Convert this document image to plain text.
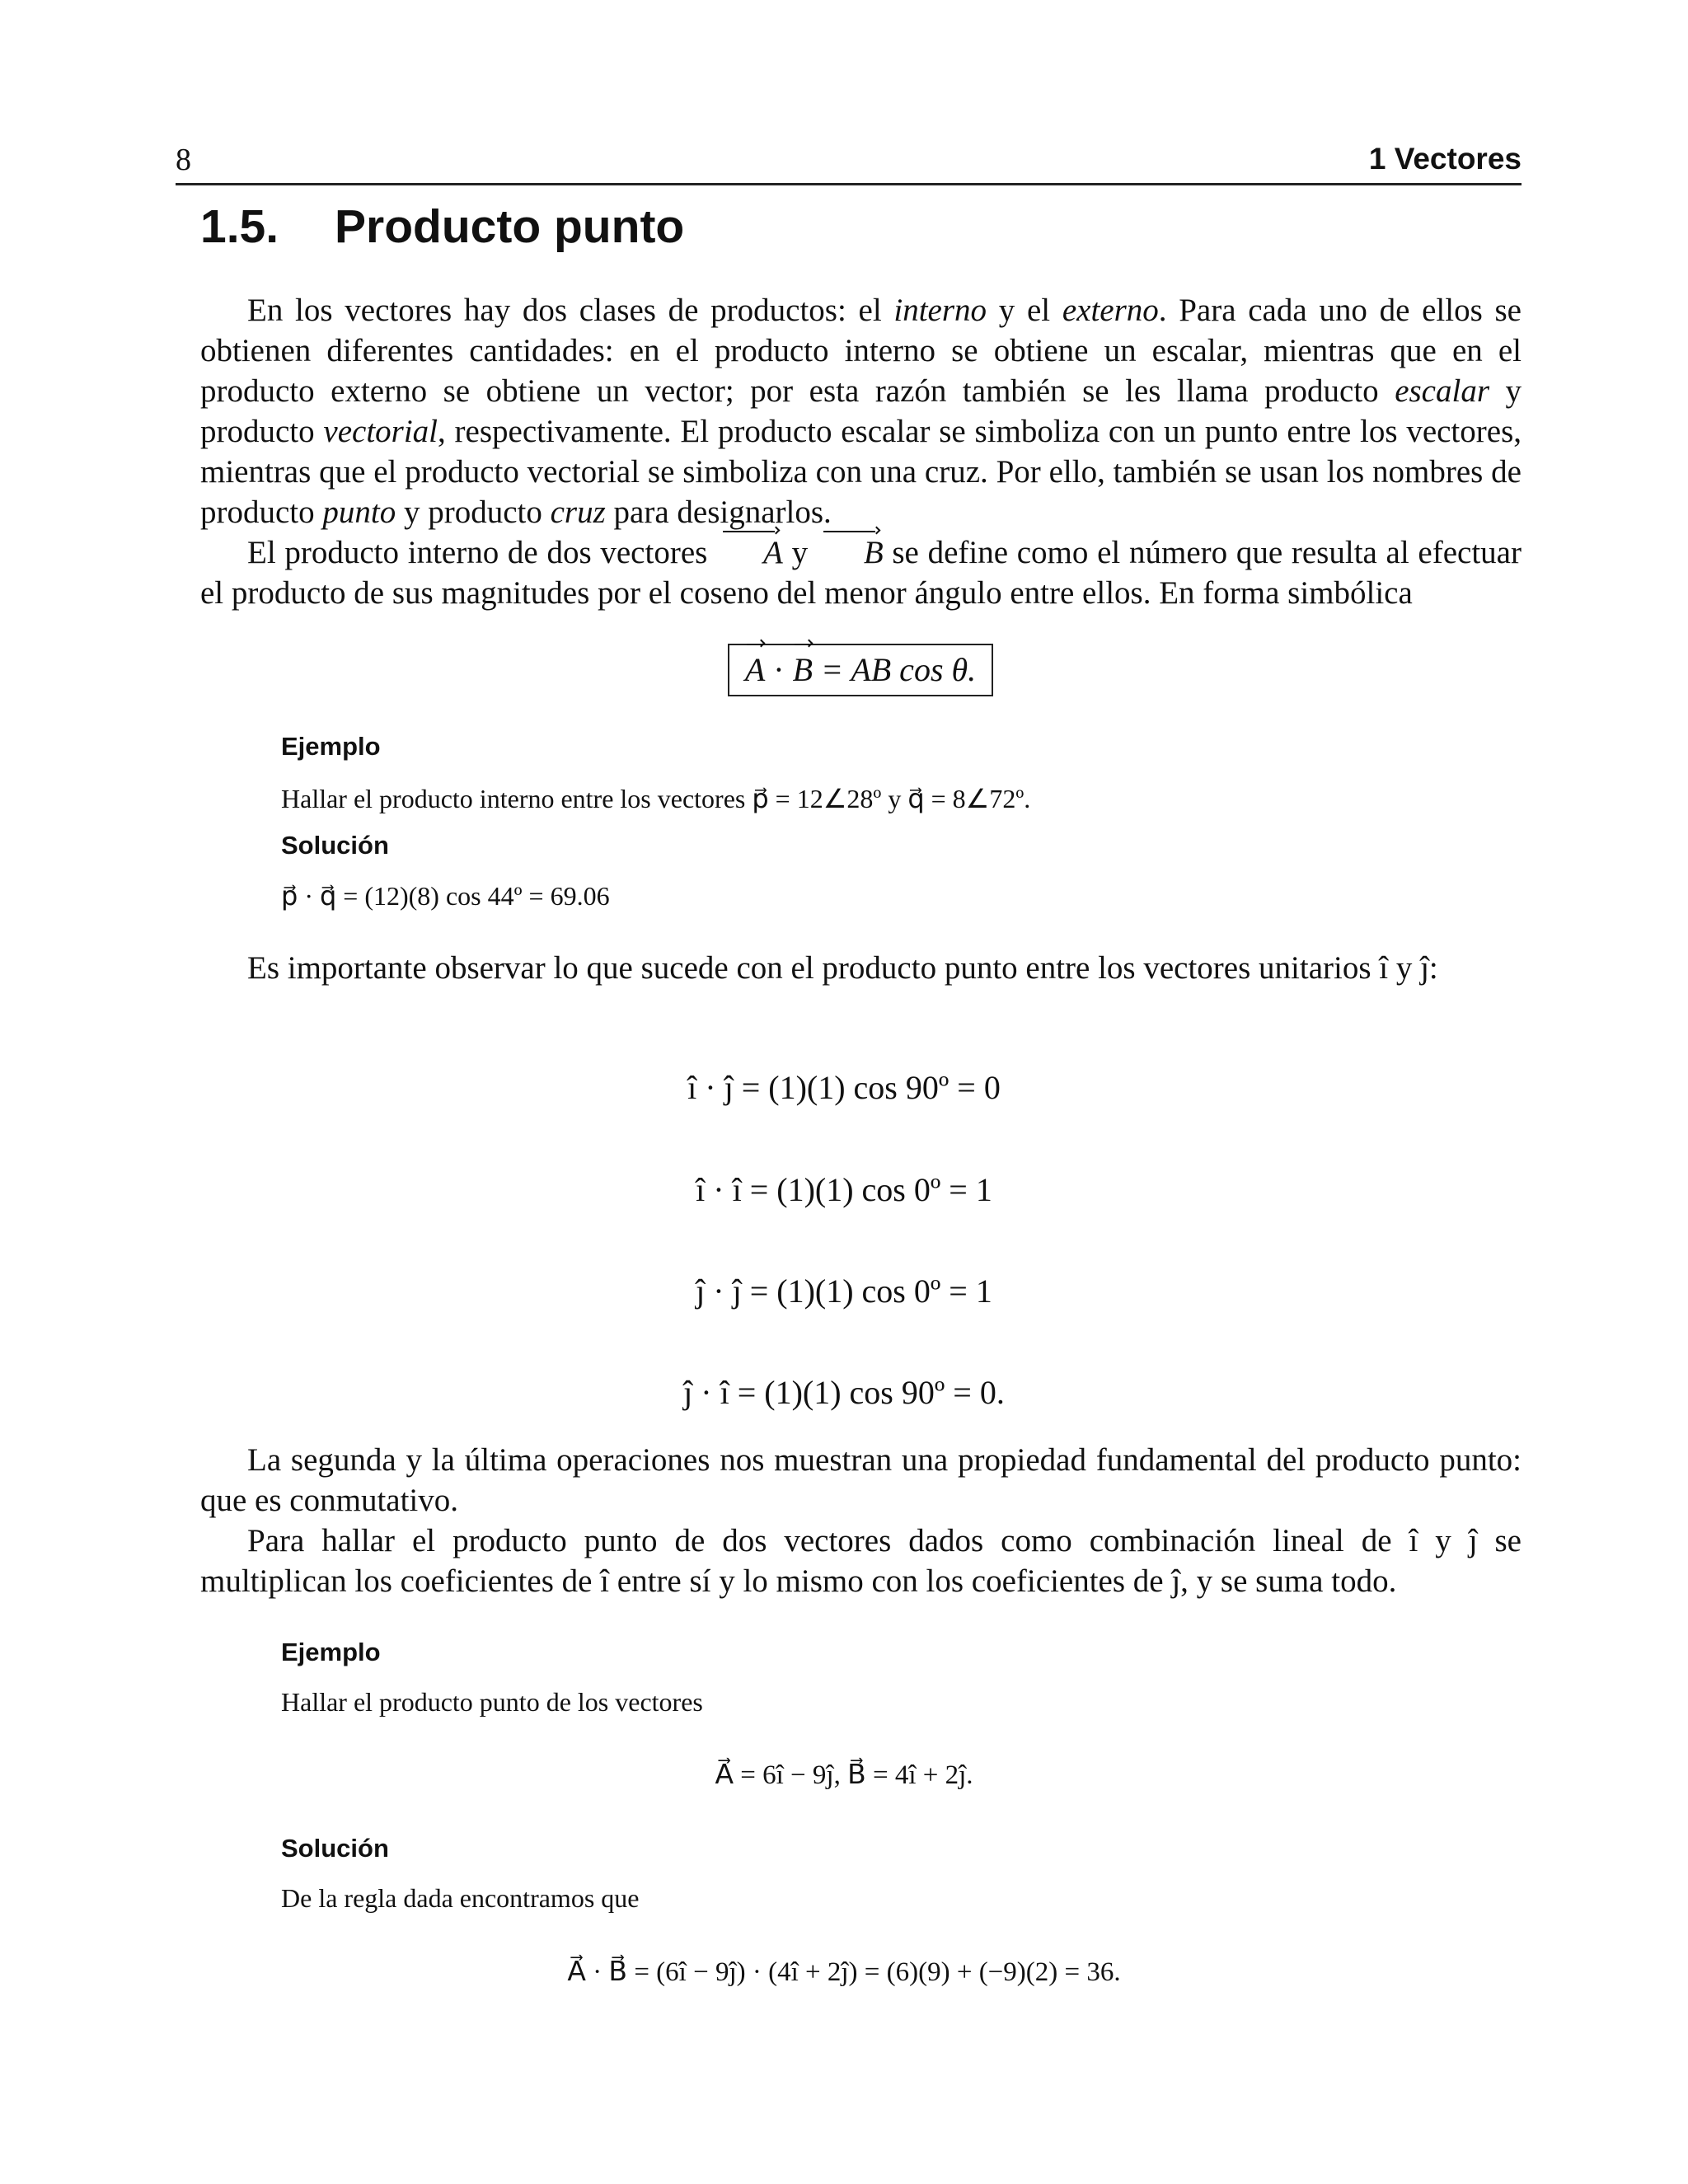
8	1 Vectores
1.5. Producto punto

En los vectores hay dos clases de productos: el interno y el externo. Para cada uno de ellos se obtienen diferentes cantidades: en el producto interno se obtiene un escalar, mientras que en el producto externo se obtiene un vector; por esta razón también se les llama producto escalar y producto vectorial, respectivamente. El producto escalar se simboliza con un punto entre los vectores, mientras que el producto vectorial se simboliza con una cruz. Por ello, también se usan los nombres de producto punto y producto cruz para designarlos.

El producto interno de dos vectores A y B se define como el número que resulta al efectuar el producto de sus magnitudes por el coseno del menor ángulo entre ellos. En forma simbólica

A · B = AB cos θ.
Ejemplo
Hallar el producto interno entre los vectores p⃗ = 12∠28º y q⃗ = 8∠72º.
Solución
p⃗ · q⃗ = (12)(8) cos 44º = 69.06

Es importante observar lo que sucede con el producto punto entre los vectores unitarios î y ĵ:

î · ĵ = (1)(1) cos 90º = 0
î · î = (1)(1) cos 0º = 1
ĵ · ĵ = (1)(1) cos 0º = 1
ĵ · î = (1)(1) cos 90º = 0.

La segunda y la última operaciones nos muestran una propiedad fundamental del producto punto: que es conmutativo.

Para hallar el producto punto de dos vectores dados como combinación lineal de î y ĵ se multiplican los coeficientes de î entre sí y lo mismo con los coeficientes de ĵ, y se suma todo.

Ejemplo
Hallar el producto punto de los vectores
A⃗ = 6î − 9ĵ, B⃗ = 4î + 2ĵ.
Solución
De la regla dada encontramos que
A⃗ · B⃗ = (6î − 9ĵ) · (4î + 2ĵ) = (6)(9) + (−9)(2) = 36.
